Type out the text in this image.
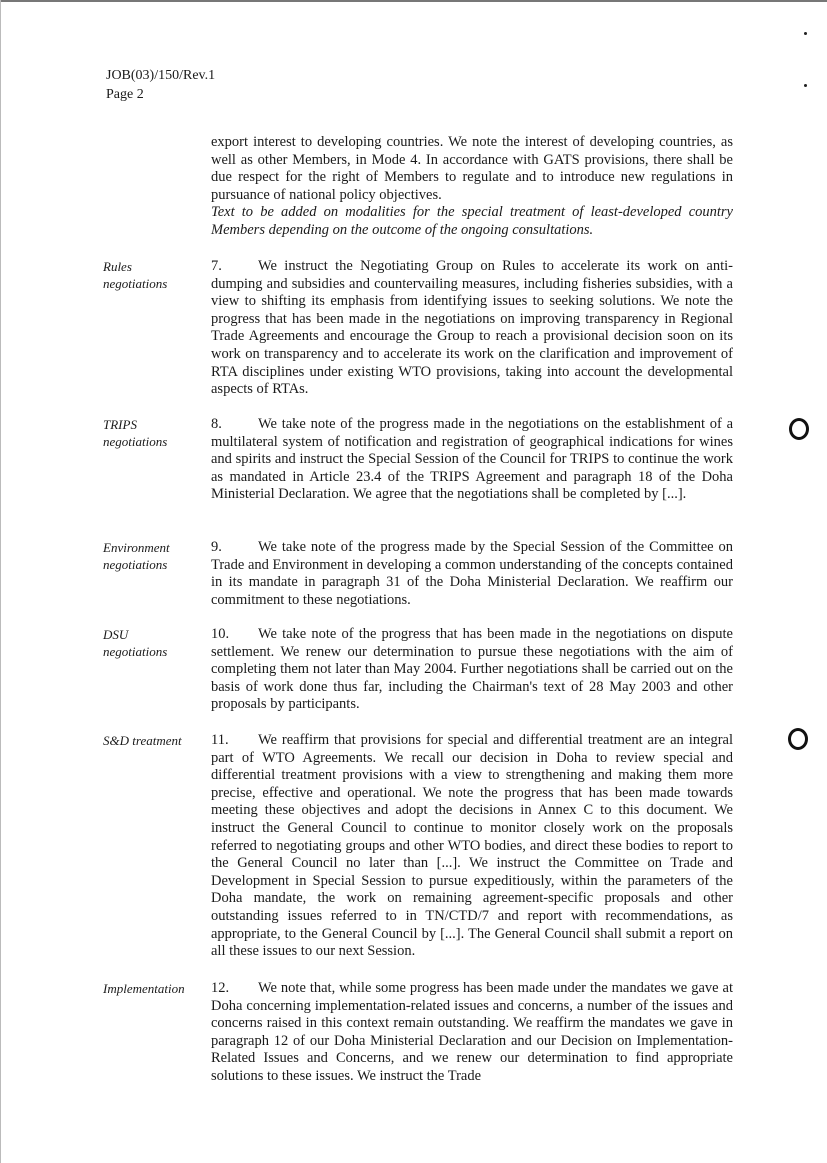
JOB(03)/150/Rev.1
Page 2

export interest to developing countries. We note the interest of developing countries, as well as other Members, in Mode 4. In accordance with GATS provisions, there shall be due respect for the right of Members to regulate and to introduce new regulations in pursuance of national policy objectives.

Text to be added on modalities for the special treatment of least-developed country Members depending on the outcome of the ongoing consultations.

Rules
negotiations

7. We instruct the Negotiating Group on Rules to accelerate its work on anti-dumping and subsidies and countervailing measures, including fisheries subsidies, with a view to shifting its emphasis from identifying issues to seeking solutions. We note the progress that has been made in the negotiations on improving transparency in Regional Trade Agreements and encourage the Group to reach a provisional decision soon on its work on transparency and to accelerate its work on the clarification and improvement of RTA disciplines under existing WTO provisions, taking into account the developmental aspects of RTAs.

TRIPS
negotiations

8. We take note of the progress made in the negotiations on the establishment of a multilateral system of notification and registration of geographical indications for wines and spirits and instruct the Special Session of the Council for TRIPS to continue the work as mandated in Article 23.4 of the TRIPS Agreement and paragraph 18 of the Doha Ministerial Declaration. We agree that the negotiations shall be completed by [...].

Environment
negotiations

9. We take note of the progress made by the Special Session of the Committee on Trade and Environment in developing a common understanding of the concepts contained in its mandate in paragraph 31 of the Doha Ministerial Declaration. We reaffirm our commitment to these negotiations.

DSU
negotiations

10. We take note of the progress that has been made in the negotiations on dispute settlement. We renew our determination to pursue these negotiations with the aim of completing them not later than May 2004. Further negotiations shall be carried out on the basis of work done thus far, including the Chairman's text of 28 May 2003 and other proposals by participants.

S&D treatment	11. We reaffirm that provisions for special and differential treatment are an integral part of WTO Agreements. We recall our decision in Doha to review special and differential treatment provisions with a view to strengthening and making them more precise, effective and operational. We note the progress that has been made towards meeting these objectives and adopt the decisions in Annex C to this document. We instruct the General Council to continue to monitor closely work on the proposals referred to negotiating groups and other WTO bodies, and direct these bodies to report to the General Council no later than [...]. We instruct the Committee on Trade and Development in Special Session to pursue expeditiously, within the parameters of the Doha mandate, the work on remaining agreement-specific proposals and other outstanding issues referred to in TN/CTD/7 and report with recommendations, as appropriate, to the General Council by [...]. The General Council shall submit a report on all these issues to our next Session.

Implementation	12. We note that, while some progress has been made under the mandates we gave at Doha concerning implementation-related issues and concerns, a number of the issues and concerns raised in this context remain outstanding. We reaffirm the mandates we gave in paragraph 12 of our Doha Ministerial Declaration and our Decision on Implementation-Related Issues and Concerns, and we renew our determination to find appropriate solutions to these issues. We instruct the Trade
